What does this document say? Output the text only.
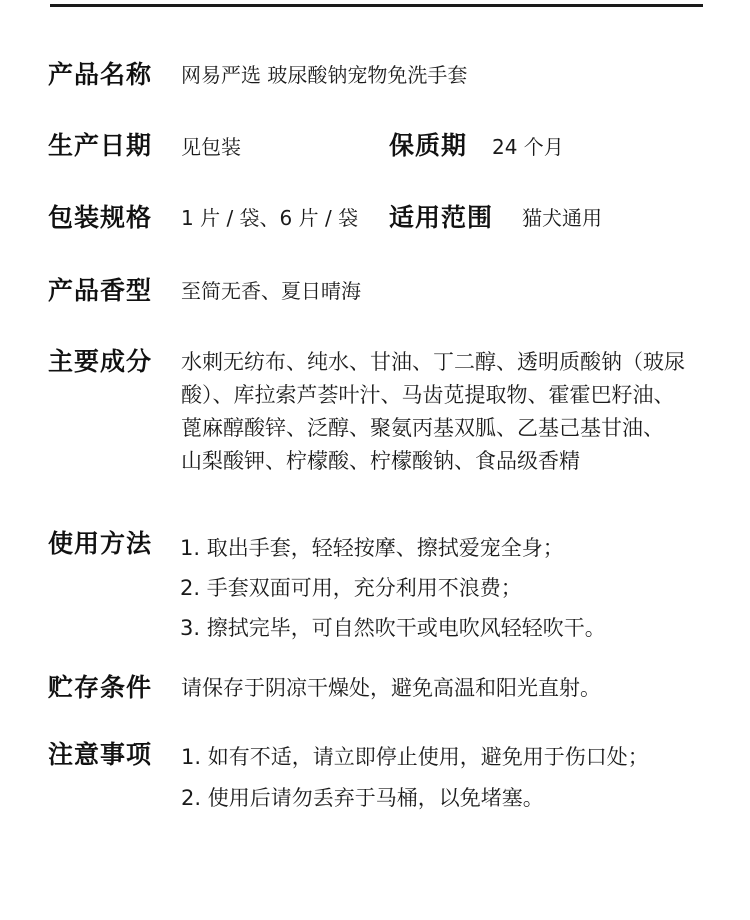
产品名称 网易严选 玻尿酸钠宠物免洗手套
生产日期 见包装	保质期 24 个月
包装规格 1 片 / 袋、6 片 / 袋 适用范围 猫犬通用
产品香型 至简无香、夏日晴海
主要成分 水刺无纺布、纯水、甘油、丁二醇、透明质酸钠（玻尿
酸）、库拉索芦荟叶汁、马齿苋提取物、霍霍巴籽油、
蓖麻醇酸锌、泛醇、聚氨丙基双胍、乙基己基甘油、
山梨酸钾、柠檬酸、柠檬酸钠、食品级香精
使用方法 1. 取出手套，轻轻按摩、擦拭爱宠全身；
2. 手套双面可用，充分利用不浪费；
3. 擦拭完毕，可自然吹干或电吹风轻轻吹干。
贮存条件 请保存于阴凉干燥处，避免高温和阳光直射。
注意事项 1. 如有不适，请立即停止使用，避免用于伤口处；
2. 使用后请勿丢弃于马桶，以免堵塞。
